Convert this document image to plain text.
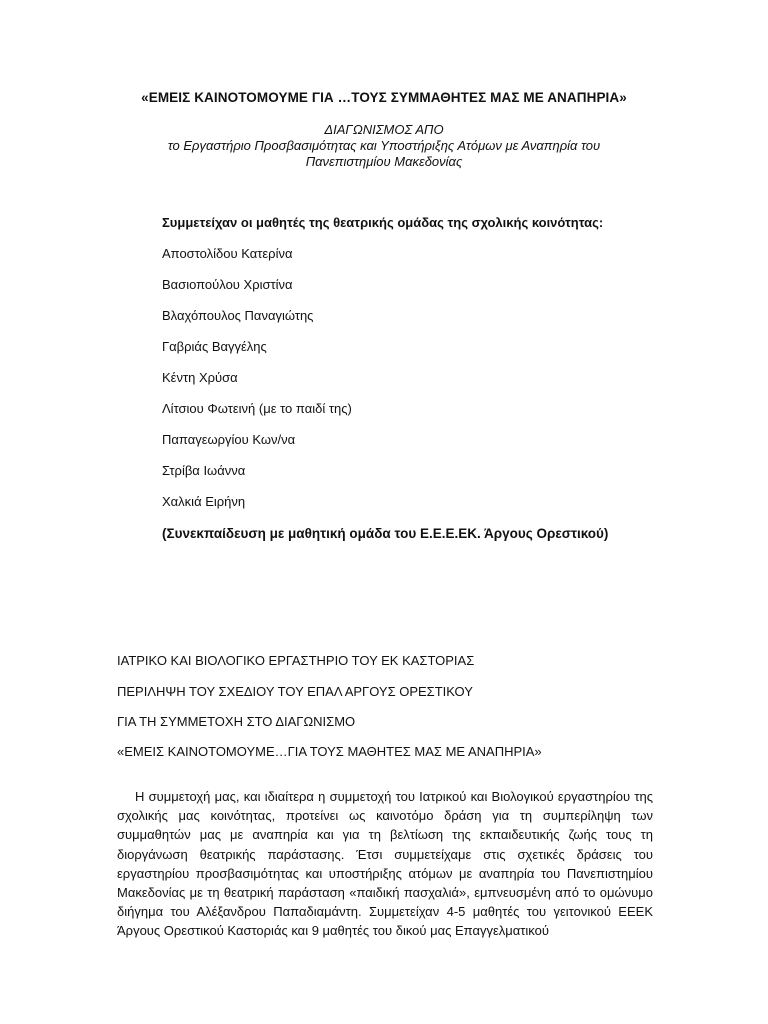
«ΕΜΕΙΣ ΚΑΙΝΟΤΟΜΟΥΜΕ ΓΙΑ …ΤΟΥΣ ΣΥΜΜΑΘΗΤΕΣ ΜΑΣ ΜΕ ΑΝΑΠΗΡΙΑ»
ΔΙΑΓΩΝΙΣΜΟΣ ΑΠΟ
το Εργαστήριο Προσβασιμότητας και Υποστήριξης Ατόμων με Αναπηρία του
Πανεπιστημίου Μακεδονίας
Συμμετείχαν οι μαθητές της θεατρικής ομάδας της σχολικής κοινότητας:
Αποστολίδου Κατερίνα
Βασιοπούλου Χριστίνα
Βλαχόπουλος Παναγιώτης
Γαβριάς Βαγγέλης
Κέντη Χρύσα
Λίτσιου Φωτεινή (με το παιδί της)
Παπαγεωργίου Κων/να
Στρίβα Ιωάννα
Χαλκιά Ειρήνη
(Συνεκπαίδευση με μαθητική ομάδα του Ε.Ε.Ε.ΕΚ. Άργους Ορεστικού)
ΙΑΤΡΙΚΟ ΚΑΙ ΒΙΟΛΟΓΙΚΟ ΕΡΓΑΣΤΗΡΙΟ ΤΟΥ ΕΚ ΚΑΣΤΟΡΙΑΣ
ΠΕΡΙΛΗΨΗ ΤΟΥ ΣΧΕΔΙΟΥ ΤΟΥ ΕΠΑΛ ΑΡΓΟΥΣ ΟΡΕΣΤΙΚΟΥ
ΓΙΑ ΤΗ ΣΥΜΜΕΤΟΧΗ ΣΤΟ ΔΙΑΓΩΝΙΣΜΟ
«ΕΜΕΙΣ ΚΑΙΝΟΤΟΜΟΥΜΕ…ΓΙΑ ΤΟΥΣ ΜΑΘΗΤΕΣ ΜΑΣ ΜΕ ΑΝΑΠΗΡΙΑ»

Η συμμετοχή μας, και ιδιαίτερα η συμμετοχή του Ιατρικού και Βιολογικού εργαστηρίου της σχολικής μας κοινότητας, προτείνει ως καινοτόμο δράση για τη συμπερίληψη των συμμαθητών μας με αναπηρία και για τη βελτίωση της εκπαιδευτικής ζωής τους τη διοργάνωση θεατρικής παράστασης. Έτσι συμμετείχαμε στις σχετικές δράσεις του εργαστηρίου προσβασιμότητας και υποστήριξης ατόμων με αναπηρία του Πανεπιστημίου Μακεδονίας με τη θεατρική παράσταση «παιδική πασχαλιά», εμπνευσμένη από το ομώνυμο διήγημα του Αλέξανδρου Παπαδιαμάντη. Συμμετείχαν 4-5 μαθητές του γειτονικού ΕΕΕΚ Άργους Ορεστικού Καστοριάς και 9 μαθητές του δικού μας Επαγγελματικού
